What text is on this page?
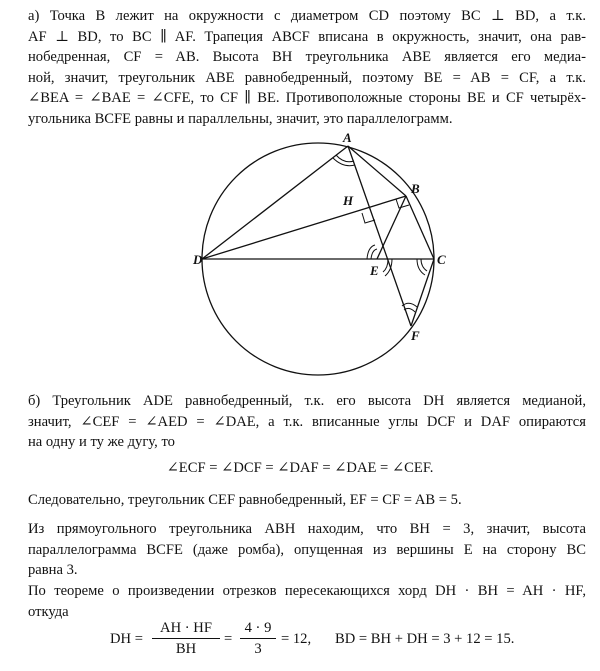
а) Точка B лежит на окружности с диаметром CD поэтому BC ⊥ BD, а т.к.
AF ⊥ BD, то BC ∥ AF. Трапеция ABCF вписана в окружность, значит, она рав-
нобедренная, CF = AB. Высота BH треугольника ABE является его медиа-
ной, значит, треугольник ABE равнобедренный, поэтому BE = AB = CF, а т.к.
∠BEA = ∠BAE = ∠CFE, то CF ∥ BE. Противоположные стороны BE и CF четырёх-
угольника BCFE равны и параллельны, значит, это параллелограмм.
A
B
C
D
E
F
H
б) Треугольник ADE равнобедренный, т.к. его высота DH является медианой,
значит, ∠CEF = ∠AED = ∠DAE, а т.к. вписанные углы DCF и DAF опираются
на одну и ту же дугу, то

∠ECF = ∠DCF = ∠DAF = ∠DAE = ∠CEF.

Следовательно, треугольник CEF равнобедренный, EF = CF = AB = 5.

Из прямоугольного треугольника ABH находим, что BH = 3, значит, высота
параллелограмма BCFE (даже ромба), опущенная из вершины E на сторону BC
равна 3.
По теореме о произведении отрезков пересекающихся хорд DH · BH = AH · HF,
откуда
DH = $\frac{AH \cdot HF}{BH} = \frac{4 \cdot 9}{3} = 12$, BD = BH + DH = 3 + 12 = 15.
